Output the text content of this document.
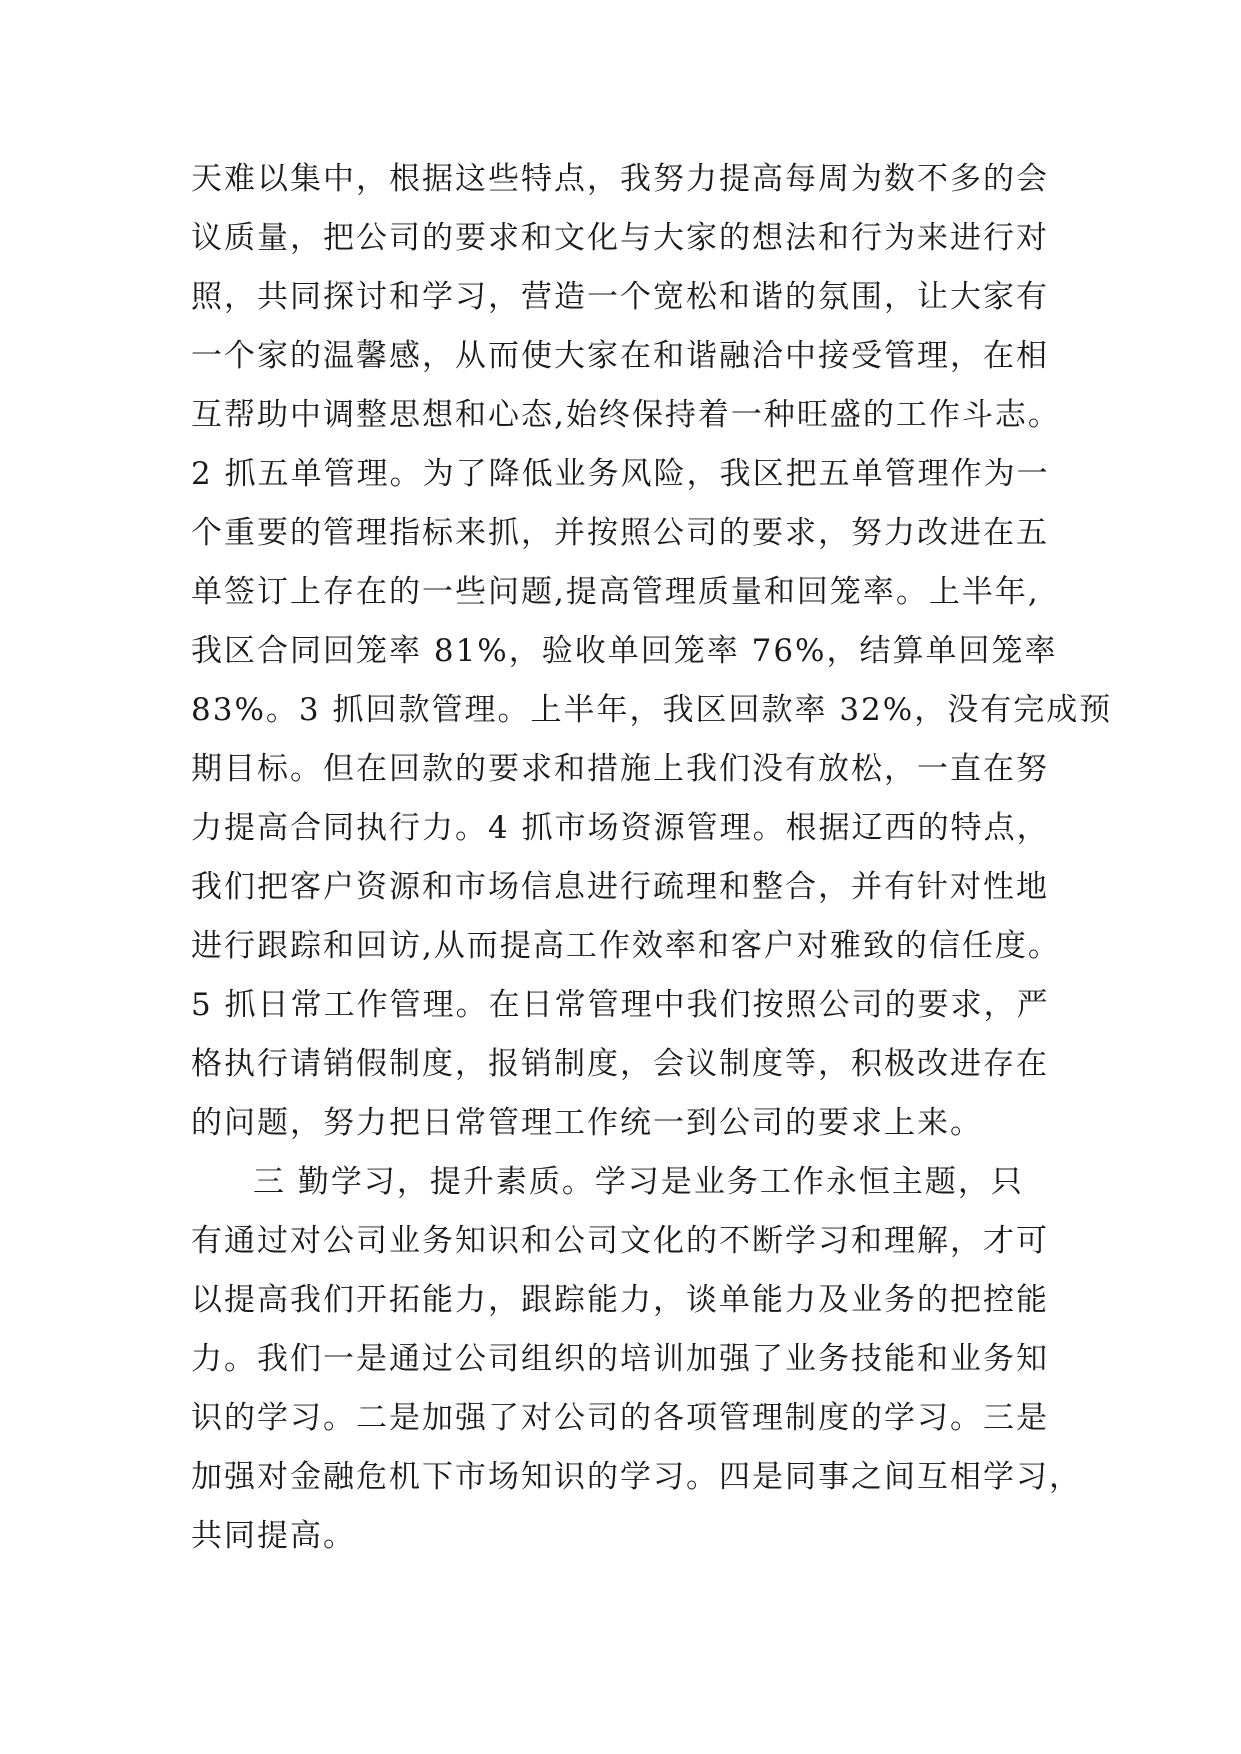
天难以集中，根据这些特点，我努力提高每周为数不多的会
议质量，把公司的要求和文化与大家的想法和行为来进行对
照，共同探讨和学习，营造一个宽松和谐的氛围，让大家有
一个家的温馨感，从而使大家在和谐融洽中接受管理，在相
互帮助中调整思想和心态,始终保持着一种旺盛的工作斗志。
2 抓五单管理。为了降低业务风险，我区把五单管理作为一
个重要的管理指标来抓，并按照公司的要求，努力改进在五
单签订上存在的一些问题,提高管理质量和回笼率。上半年,
我区合同回笼率 81%，验收单回笼率 76%，结算单回笼率
83%。3 抓回款管理。上半年，我区回款率 32%，没有完成预
期目标。但在回款的要求和措施上我们没有放松，一直在努
力提高合同执行力。4 抓市场资源管理。根据辽西的特点，
我们把客户资源和市场信息进行疏理和整合，并有针对性地
进行跟踪和回访,从而提高工作效率和客户对雅致的信任度。
5 抓日常工作管理。在日常管理中我们按照公司的要求，严
格执行请销假制度，报销制度，会议制度等，积极改进存在
的问题，努力把日常管理工作统一到公司的要求上来。
三 勤学习，提升素质。学习是业务工作永恒主题，只
有通过对公司业务知识和公司文化的不断学习和理解，才可
以提高我们开拓能力，跟踪能力，谈单能力及业务的把控能
力。我们一是通过公司组织的培训加强了业务技能和业务知
识的学习。二是加强了对公司的各项管理制度的学习。三是
加强对金融危机下市场知识的学习。四是同事之间互相学习，
共同提高。
